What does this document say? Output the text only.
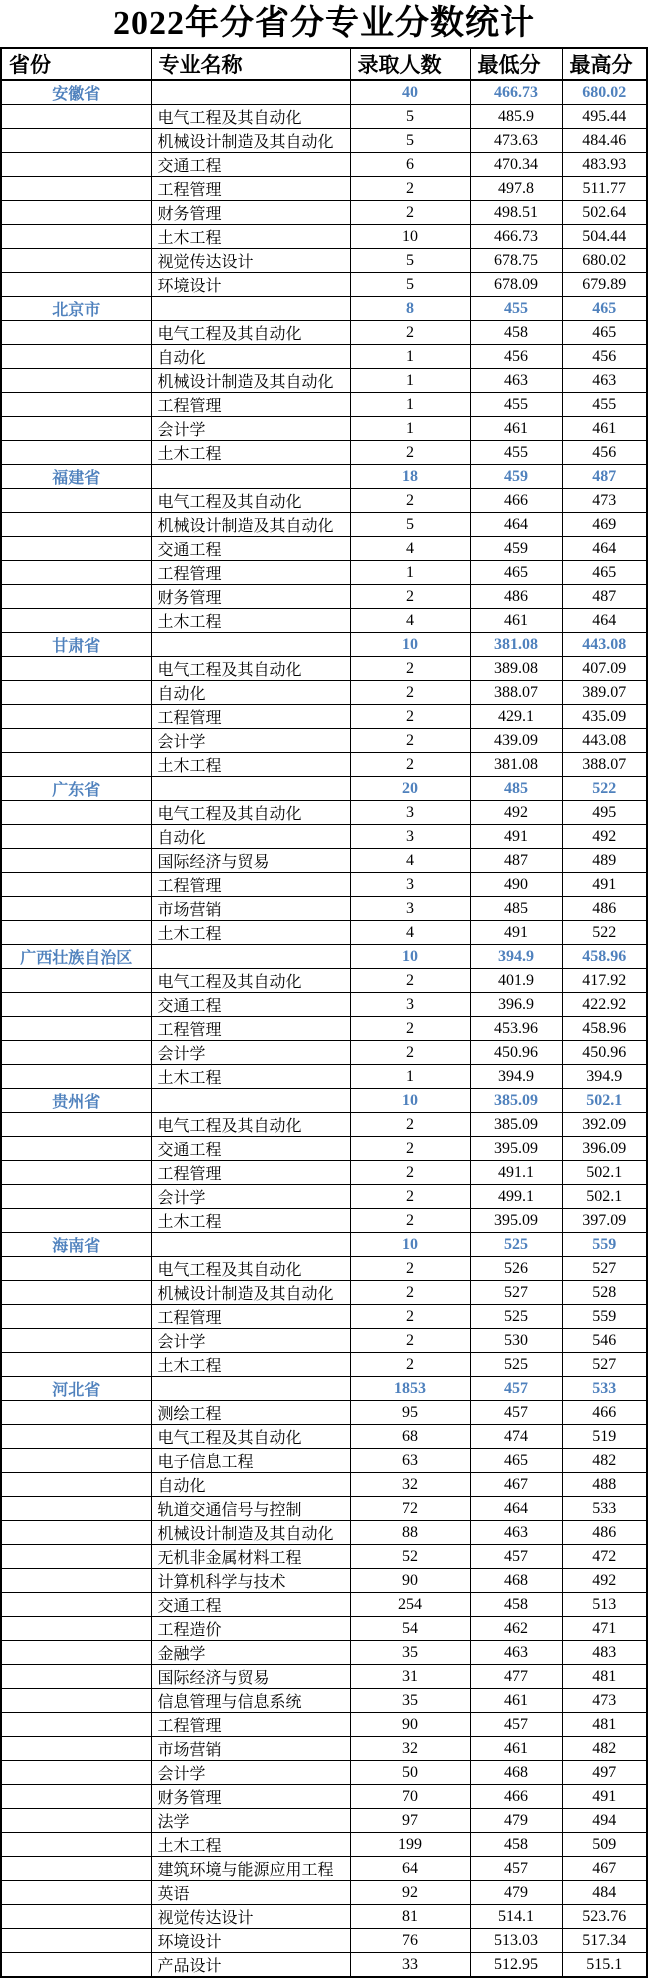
2022年分省分专业分数统计
省份	专业名称	录取人数	最低分	最高分
安徽省		40	466.73	680.02
	电气工程及其自动化	5	485.9	495.44
	机械设计制造及其自动化	5	473.63	484.46
	交通工程	6	470.34	483.93
	工程管理	2	497.8	511.77
	财务管理	2	498.51	502.64
	土木工程	10	466.73	504.44
	视觉传达设计	5	678.75	680.02
	环境设计	5	678.09	679.89
北京市		8	455	465
	电气工程及其自动化	2	458	465
	自动化	1	456	456
	机械设计制造及其自动化	1	463	463
	工程管理	1	455	455
	会计学	1	461	461
	土木工程	2	455	456
福建省		18	459	487
	电气工程及其自动化	2	466	473
	机械设计制造及其自动化	5	464	469
	交通工程	4	459	464
	工程管理	1	465	465
	财务管理	2	486	487
	土木工程	4	461	464
甘肃省		10	381.08	443.08
	电气工程及其自动化	2	389.08	407.09
	自动化	2	388.07	389.07
	工程管理	2	429.1	435.09
	会计学	2	439.09	443.08
	土木工程	2	381.08	388.07
广东省		20	485	522
	电气工程及其自动化	3	492	495
	自动化	3	491	492
	国际经济与贸易	4	487	489
	工程管理	3	490	491
	市场营销	3	485	486
	土木工程	4	491	522
广西壮族自治区		10	394.9	458.96
	电气工程及其自动化	2	401.9	417.92
	交通工程	3	396.9	422.92
	工程管理	2	453.96	458.96
	会计学	2	450.96	450.96
	土木工程	1	394.9	394.9
贵州省		10	385.09	502.1
	电气工程及其自动化	2	385.09	392.09
	交通工程	2	395.09	396.09
	工程管理	2	491.1	502.1
	会计学	2	499.1	502.1
	土木工程	2	395.09	397.09
海南省		10	525	559
	电气工程及其自动化	2	526	527
	机械设计制造及其自动化	2	527	528
	工程管理	2	525	559
	会计学	2	530	546
	土木工程	2	525	527
河北省		1853	457	533
	测绘工程	95	457	466
	电气工程及其自动化	68	474	519
	电子信息工程	63	465	482
	自动化	32	467	488
	轨道交通信号与控制	72	464	533
	机械设计制造及其自动化	88	463	486
	无机非金属材料工程	52	457	472
	计算机科学与技术	90	468	492
	交通工程	254	458	513
	工程造价	54	462	471
	金融学	35	463	483
	国际经济与贸易	31	477	481
	信息管理与信息系统	35	461	473
	工程管理	90	457	481
	市场营销	32	461	482
	会计学	50	468	497
	财务管理	70	466	491
	法学	97	479	494
	土木工程	199	458	509
	建筑环境与能源应用工程	64	457	467
	英语	92	479	484
	视觉传达设计	81	514.1	523.76
	环境设计	76	513.03	517.34
	产品设计	33	512.95	515.1
